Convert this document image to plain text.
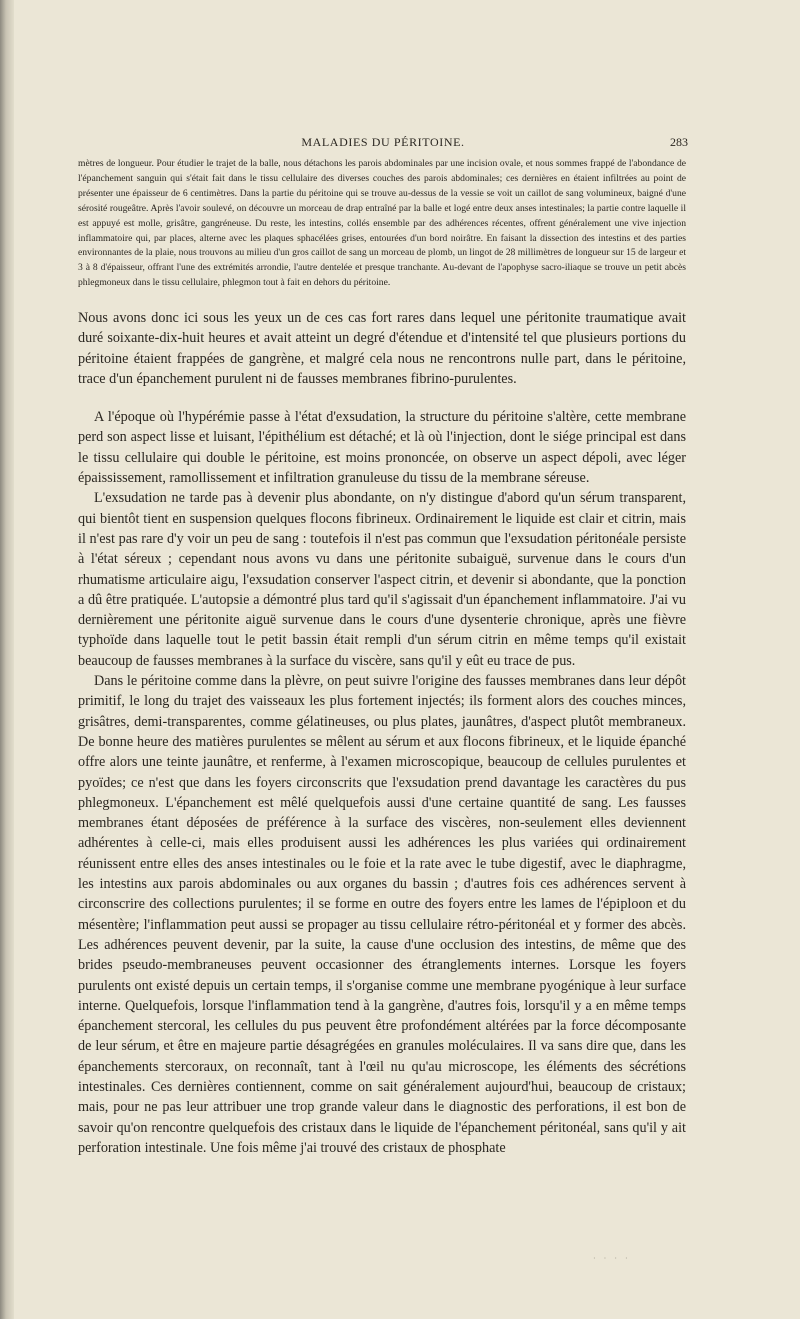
MALADIES DU PÉRITOINE.	283

mètres de longueur. Pour étudier le trajet de la balle, nous détachons les parois abdominales par une incision ovale, et nous sommes frappé de l'abondance de l'épanchement sanguin qui s'était fait dans le tissu cellulaire des diverses couches des parois abdominales; ces dernières en étaient infiltrées au point de présenter une épaisseur de 6 centimètres. Dans la partie du péritoine qui se trouve au-dessus de la vessie se voit un caillot de sang volumineux, baigné d'une sérosité rougeâtre. Après l'avoir soulevé, on découvre un morceau de drap entraîné par la balle et logé entre deux anses intestinales; la partie contre laquelle il est appuyé est molle, grisâtre, gangréneuse. Du reste, les intestins, collés ensemble par des adhérences récentes, offrent généralement une vive injection inflammatoire qui, par places, alterne avec les plaques sphacélées grises, entourées d'un bord noirâtre. En faisant la dissection des intestins et des parties environnantes de la plaie, nous trouvons au milieu d'un gros caillot de sang un morceau de plomb, un lingot de 28 millimètres de longueur sur 15 de largeur et 3 à 8 d'épaisseur, offrant l'une des extrémités arrondie, l'autre dentelée et presque tranchante. Au-devant de l'apophyse sacro-iliaque se trouve un petit abcès phlegmoneux dans le tissu cellulaire, phlegmon tout à fait en dehors du péritoine.

Nous avons donc ici sous les yeux un de ces cas fort rares dans lequel une péritonite traumatique avait duré soixante-dix-huit heures et avait atteint un degré d'étendue et d'intensité tel que plusieurs portions du péritoine étaient frappées de gangrène, et malgré cela nous ne rencontrons nulle part, dans le péritoine, trace d'un épanchement purulent ni de fausses membranes fibrino-purulentes.

A l'époque où l'hypérémie passe à l'état d'exsudation, la structure du péritoine s'altère, cette membrane perd son aspect lisse et luisant, l'épithélium est détaché; et là où l'injection, dont le siége principal est dans le tissu cellulaire qui double le péritoine, est moins prononcée, on observe un aspect dépoli, avec léger épaississement, ramollissement et infiltration granuleuse du tissu de la membrane séreuse.

L'exsudation ne tarde pas à devenir plus abondante, on n'y distingue d'abord qu'un sérum transparent, qui bientôt tient en suspension quelques flocons fibrineux. Ordinairement le liquide est clair et citrin, mais il n'est pas rare d'y voir un peu de sang : toutefois il n'est pas commun que l'exsudation péritonéale persiste à l'état séreux ; cependant nous avons vu dans une péritonite subaiguë, survenue dans le cours d'un rhumatisme articulaire aigu, l'exsudation conserver l'aspect citrin, et devenir si abondante, que la ponction a dû être pratiquée. L'autopsie a démontré plus tard qu'il s'agissait d'un épanchement inflammatoire. J'ai vu dernièrement une péritonite aiguë survenue dans le cours d'une dysenterie chronique, après une fièvre typhoïde dans laquelle tout le petit bassin était rempli d'un sérum citrin en même temps qu'il existait beaucoup de fausses membranes à la surface du viscère, sans qu'il y eût eu trace de pus.

Dans le péritoine comme dans la plèvre, on peut suivre l'origine des fausses membranes dans leur dépôt primitif, le long du trajet des vaisseaux les plus fortement injectés; ils forment alors des couches minces, grisâtres, demi-transparentes, comme gélatineuses, ou plus plates, jaunâtres, d'aspect plutôt membraneux. De bonne heure des matières purulentes se mêlent au sérum et aux flocons fibrineux, et le liquide épanché offre alors une teinte jaunâtre, et renferme, à l'examen microscopique, beaucoup de cellules purulentes et pyoïdes; ce n'est que dans les foyers circonscrits que l'exsudation prend davantage les caractères du pus phlegmoneux. L'épanchement est mêlé quelquefois aussi d'une certaine quantité de sang. Les fausses membranes étant déposées de préférence à la surface des viscères, non-seulement elles deviennent adhérentes à celle-ci, mais elles produisent aussi les adhérences les plus variées qui ordinairement réunissent entre elles des anses intestinales ou le foie et la rate avec le tube digestif, avec le diaphragme, les intestins aux parois abdominales ou aux organes du bassin ; d'autres fois ces adhérences servent à circonscrire des collections purulentes; il se forme en outre des foyers entre les lames de l'épiploon et du mésentère; l'inflammation peut aussi se propager au tissu cellulaire rétro-péritonéal et y former des abcès. Les adhérences peuvent devenir, par la suite, la cause d'une occlusion des intestins, de même que des brides pseudo-membraneuses peuvent occasionner des étranglements internes. Lorsque les foyers purulents ont existé depuis un certain temps, il s'organise comme une membrane pyogénique à leur surface interne. Quelquefois, lorsque l'inflammation tend à la gangrène, d'autres fois, lorsqu'il y a en même temps épanchement stercoral, les cellules du pus peuvent être profondément altérées par la force décomposante de leur sérum, et être en majeure partie désagrégées en granules moléculaires. Il va sans dire que, dans les épanchements stercoraux, on reconnaît, tant à l'œil nu qu'au microscope, les éléments des sécrétions intestinales. Ces dernières contiennent, comme on sait généralement aujourd'hui, beaucoup de cristaux; mais, pour ne pas leur attribuer une trop grande valeur dans le diagnostic des perforations, il est bon de savoir qu'on rencontre quelquefois des cristaux dans le liquide de l'épanchement péritonéal, sans qu'il y ait perforation intestinale. Une fois même j'ai trouvé des cristaux de phosphate

· · · ·
